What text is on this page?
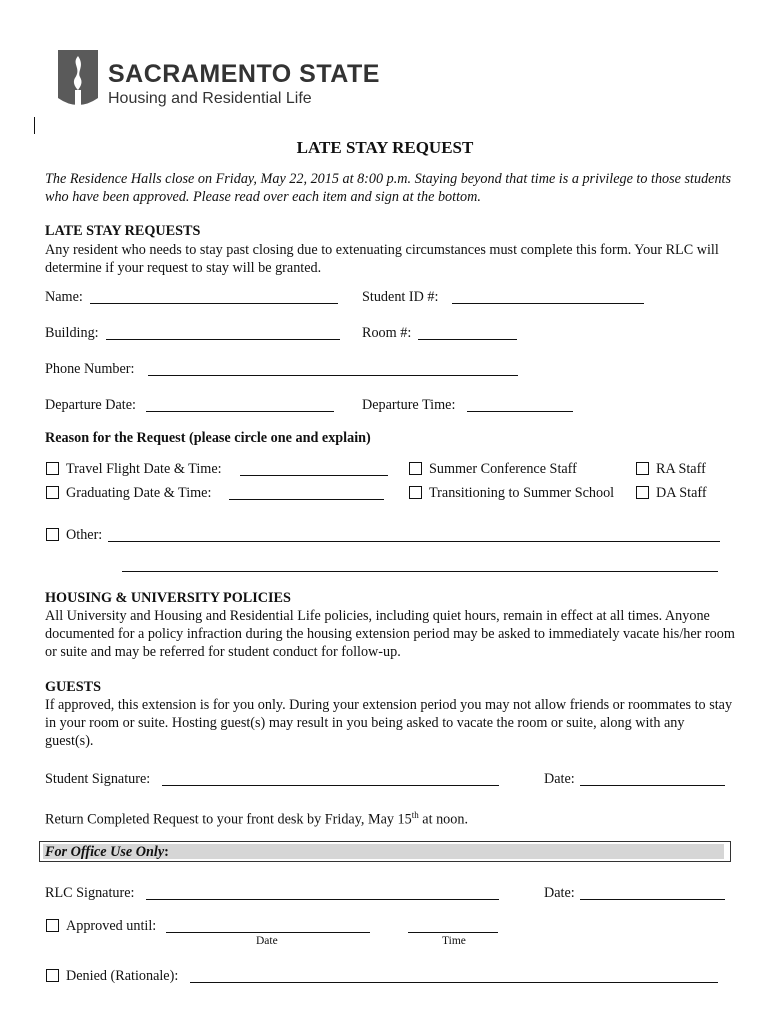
SACRAMENTO STATE
Housing and Residential Life
LATE STAY REQUEST
The Residence Halls close on Friday, May 22, 2015 at 8:00 p.m. Staying beyond that time is a privilege to those students who have been approved. Please read over each item and sign at the bottom.
LATE STAY REQUESTS
Any resident who needs to stay past closing due to extenuating circumstances must complete this form. Your RLC will determine if your request to stay will be granted.
Name:	Student ID #:
Building:	Room #:
Phone Number:
Departure Date:	Departure Time:
Reason for the Request (please circle one and explain)
Travel Flight Date & Time:	Summer Conference Staff	RA Staff
Graduating Date & Time:	Transitioning to Summer School	DA Staff
Other:
HOUSING & UNIVERSITY POLICIES
All University and Housing and Residential Life policies, including quiet hours, remain in effect at all times. Anyone documented for a policy infraction during the housing extension period may be asked to immediately vacate his/her room or suite and may be referred for student conduct for follow-up.
GUESTS
If approved, this extension is for you only. During your extension period you may not allow friends or roommates to stay in your room or suite. Hosting guest(s) may result in you being asked to vacate the room or suite, along with any guest(s).
Student Signature:	Date:
Return Completed Request to your front desk by Friday, May 15th at noon.
For Office Use Only:
RLC Signature:	Date:
Approved until:
Date	Time
Denied (Rationale):
